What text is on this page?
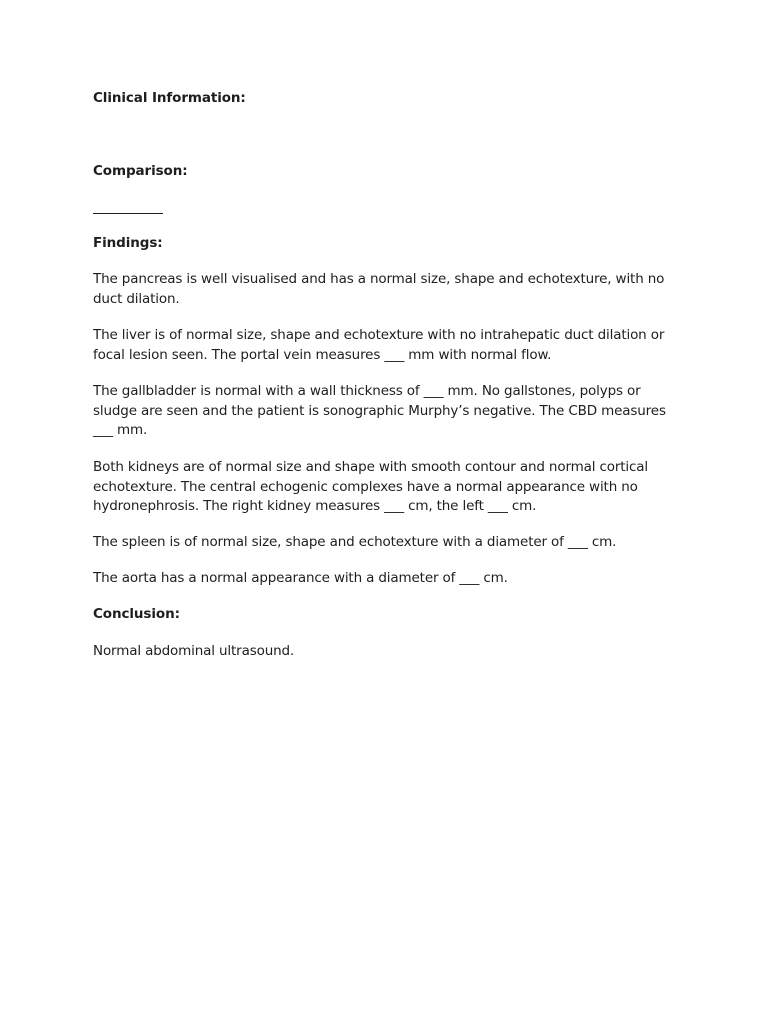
Clinical Information:
Comparison:
Findings:
The pancreas is well visualised and has a normal size, shape and echotexture, with no duct dilation.
The liver is of normal size, shape and echotexture with no intrahepatic duct dilation or focal lesion seen. The portal vein measures ___ mm with normal flow.
The gallbladder is normal with a wall thickness of ___ mm. No gallstones, polyps or sludge are seen and the patient is sonographic Murphy’s negative. The CBD measures ___ mm.
Both kidneys are of normal size and shape with smooth contour and normal cortical echotexture. The central echogenic complexes have a normal appearance with no hydronephrosis. The right kidney measures ___ cm, the left ___ cm.
The spleen is of normal size, shape and echotexture with a diameter of ___ cm.
The aorta has a normal appearance with a diameter of ___ cm.
Conclusion:
Normal abdominal ultrasound.
